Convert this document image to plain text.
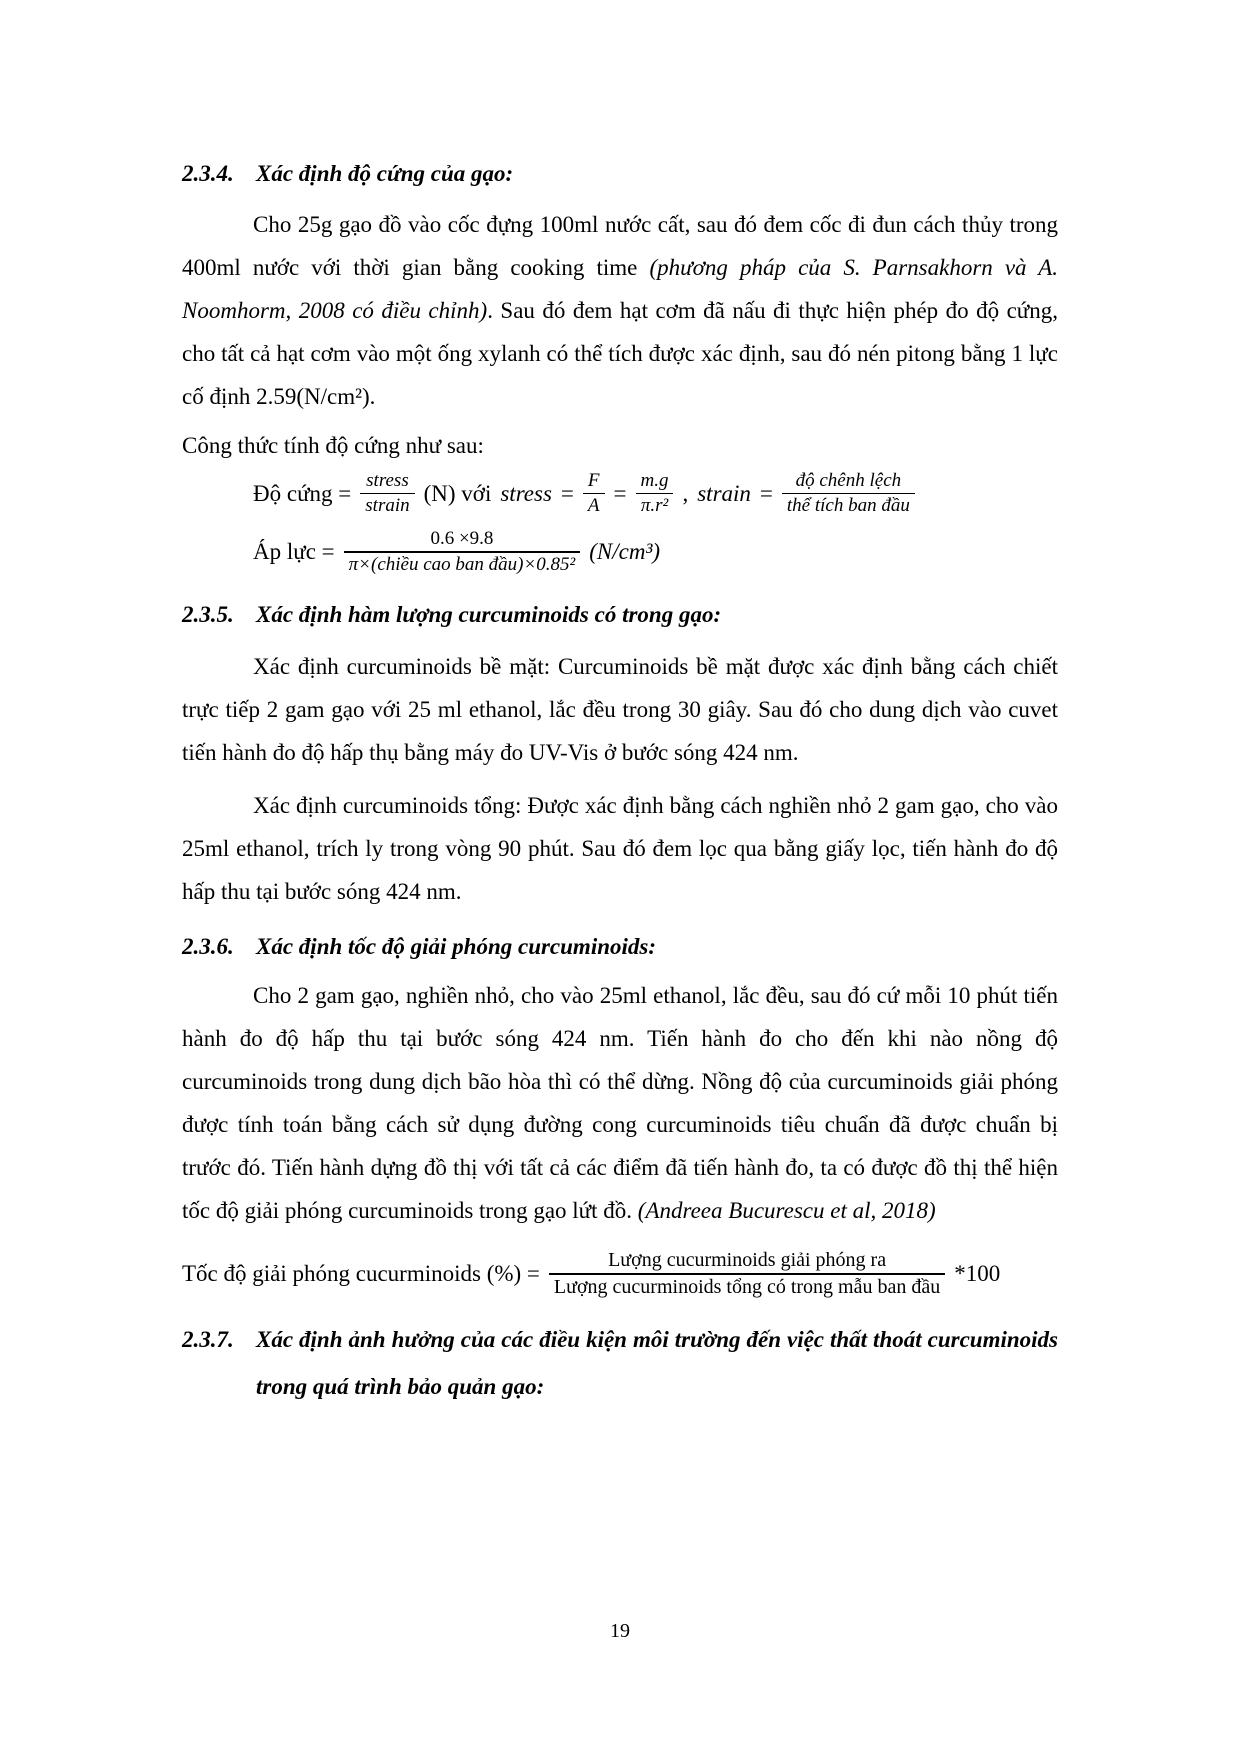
2.3.4. Xác định độ cứng của gạo:

Cho 25g gạo đồ vào cốc đựng 100ml nước cất, sau đó đem cốc đi đun cách thủy trong 400ml nước với thời gian bằng cooking time (phương pháp của S. Parnsakhorn và A. Noomhorm, 2008 có điều chỉnh). Sau đó đem hạt cơm đã nấu đi thực hiện phép đo độ cứng, cho tất cả hạt cơm vào một ống xylanh có thể tích được xác định, sau đó nén pitong bằng 1 lực cố định 2.59(N/cm²).

Công thức tính độ cứng như sau:

Độ cứng = $\frac{\text{stress}}{\text{strain}} (N)$ với stress = $\frac{F}{A} = \frac{m.g}{\text{π.r²}}$ , strain = $\frac{\text{độ chênh lệch}}{\text{thể tích ban đầu}}$
Áp lực = $\frac{0.6 \times 9.8}{\text{π×(chiều cao ban đầu)×0.85²}} (N/cm^3)$
2.3.5. Xác định hàm lượng curcuminoids có trong gạo:

Xác định curcuminoids bề mặt: Curcuminoids bề mặt được xác định bằng cách chiết trực tiếp 2 gam gạo với 25 ml ethanol, lắc đều trong 30 giây. Sau đó cho dung dịch vào cuvet tiến hành đo độ hấp thụ bằng máy đo UV-Vis ở bước sóng 424 nm.

Xác định curcuminoids tổng: Được xác định bằng cách nghiền nhỏ 2 gam gạo, cho vào 25ml ethanol, trích ly trong vòng 90 phút. Sau đó đem lọc qua bằng giấy lọc, tiến hành đo độ hấp thu tại bước sóng 424 nm.

2.3.6. Xác định tốc độ giải phóng curcuminoids:

Cho 2 gam gạo, nghiền nhỏ, cho vào 25ml ethanol, lắc đều, sau đó cứ mỗi 10 phút tiến hành đo độ hấp thu tại bước sóng 424 nm. Tiến hành đo cho đến khi nào nồng độ curcuminoids trong dung dịch bão hòa thì có thể dừng. Nồng độ của curcuminoids giải phóng được tính toán bằng cách sử dụng đường cong curcuminoids tiêu chuẩn đã được chuẩn bị trước đó. Tiến hành dựng đồ thị với tất cả các điểm đã tiến hành đo, ta có được đồ thị thể hiện tốc độ giải phóng curcuminoids trong gạo lứt đồ. (Andreea Bucurescu et al, 2018)

Tốc độ giải phóng cucurminoids (%) = $\frac{\text{Lượng cucurminoids giải phóng ra}}{\text{Lượng cucurminoids tổng có trong mẫu ban đầu}} *100$
2.3.7. Xác định ảnh hưởng của các điều kiện môi trường đến việc thất thoát curcuminoids trong quá trình bảo quản gạo:
19
